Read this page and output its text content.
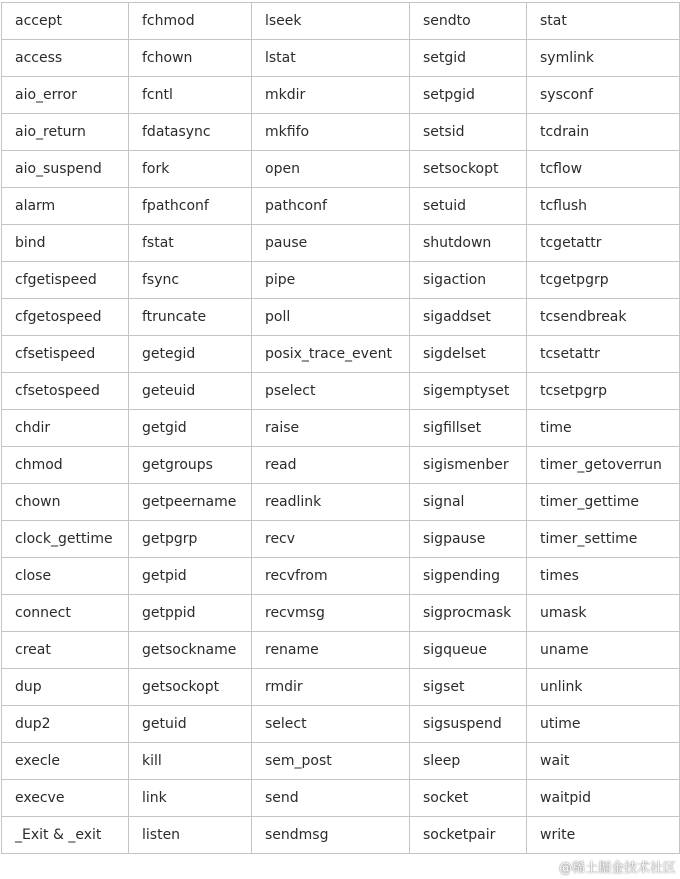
accept	fchmod	lseek	sendto	stat
access	fchown	lstat	setgid	symlink
aio_error	fcntl	mkdir	setpgid	sysconf
aio_return	fdatasync	mkfifo	setsid	tcdrain
aio_suspend	fork	open	setsockopt	tcflow
alarm	fpathconf	pathconf	setuid	tcflush
bind	fstat	pause	shutdown	tcgetattr
cfgetispeed	fsync	pipe	sigaction	tcgetpgrp
cfgetospeed	ftruncate	poll	sigaddset	tcsendbreak
cfsetispeed	getegid	posix_trace_event	sigdelset	tcsetattr
cfsetospeed	geteuid	pselect	sigemptyset	tcsetpgrp
chdir	getgid	raise	sigfillset	time
chmod	getgroups	read	sigismenber	timer_getoverrun
chown	getpeername	readlink	signal	timer_gettime
clock_gettime	getpgrp	recv	sigpause	timer_settime
close	getpid	recvfrom	sigpending	times
connect	getppid	recvmsg	sigprocmask	umask
creat	getsockname	rename	sigqueue	uname
dup	getsockopt	rmdir	sigset	unlink
dup2	getuid	select	sigsuspend	utime
execle	kill	sem_post	sleep	wait
execve	link	send	socket	waitpid
_Exit & _exit	listen	sendmsg	socketpair	write
@稀土掘金技术社区
